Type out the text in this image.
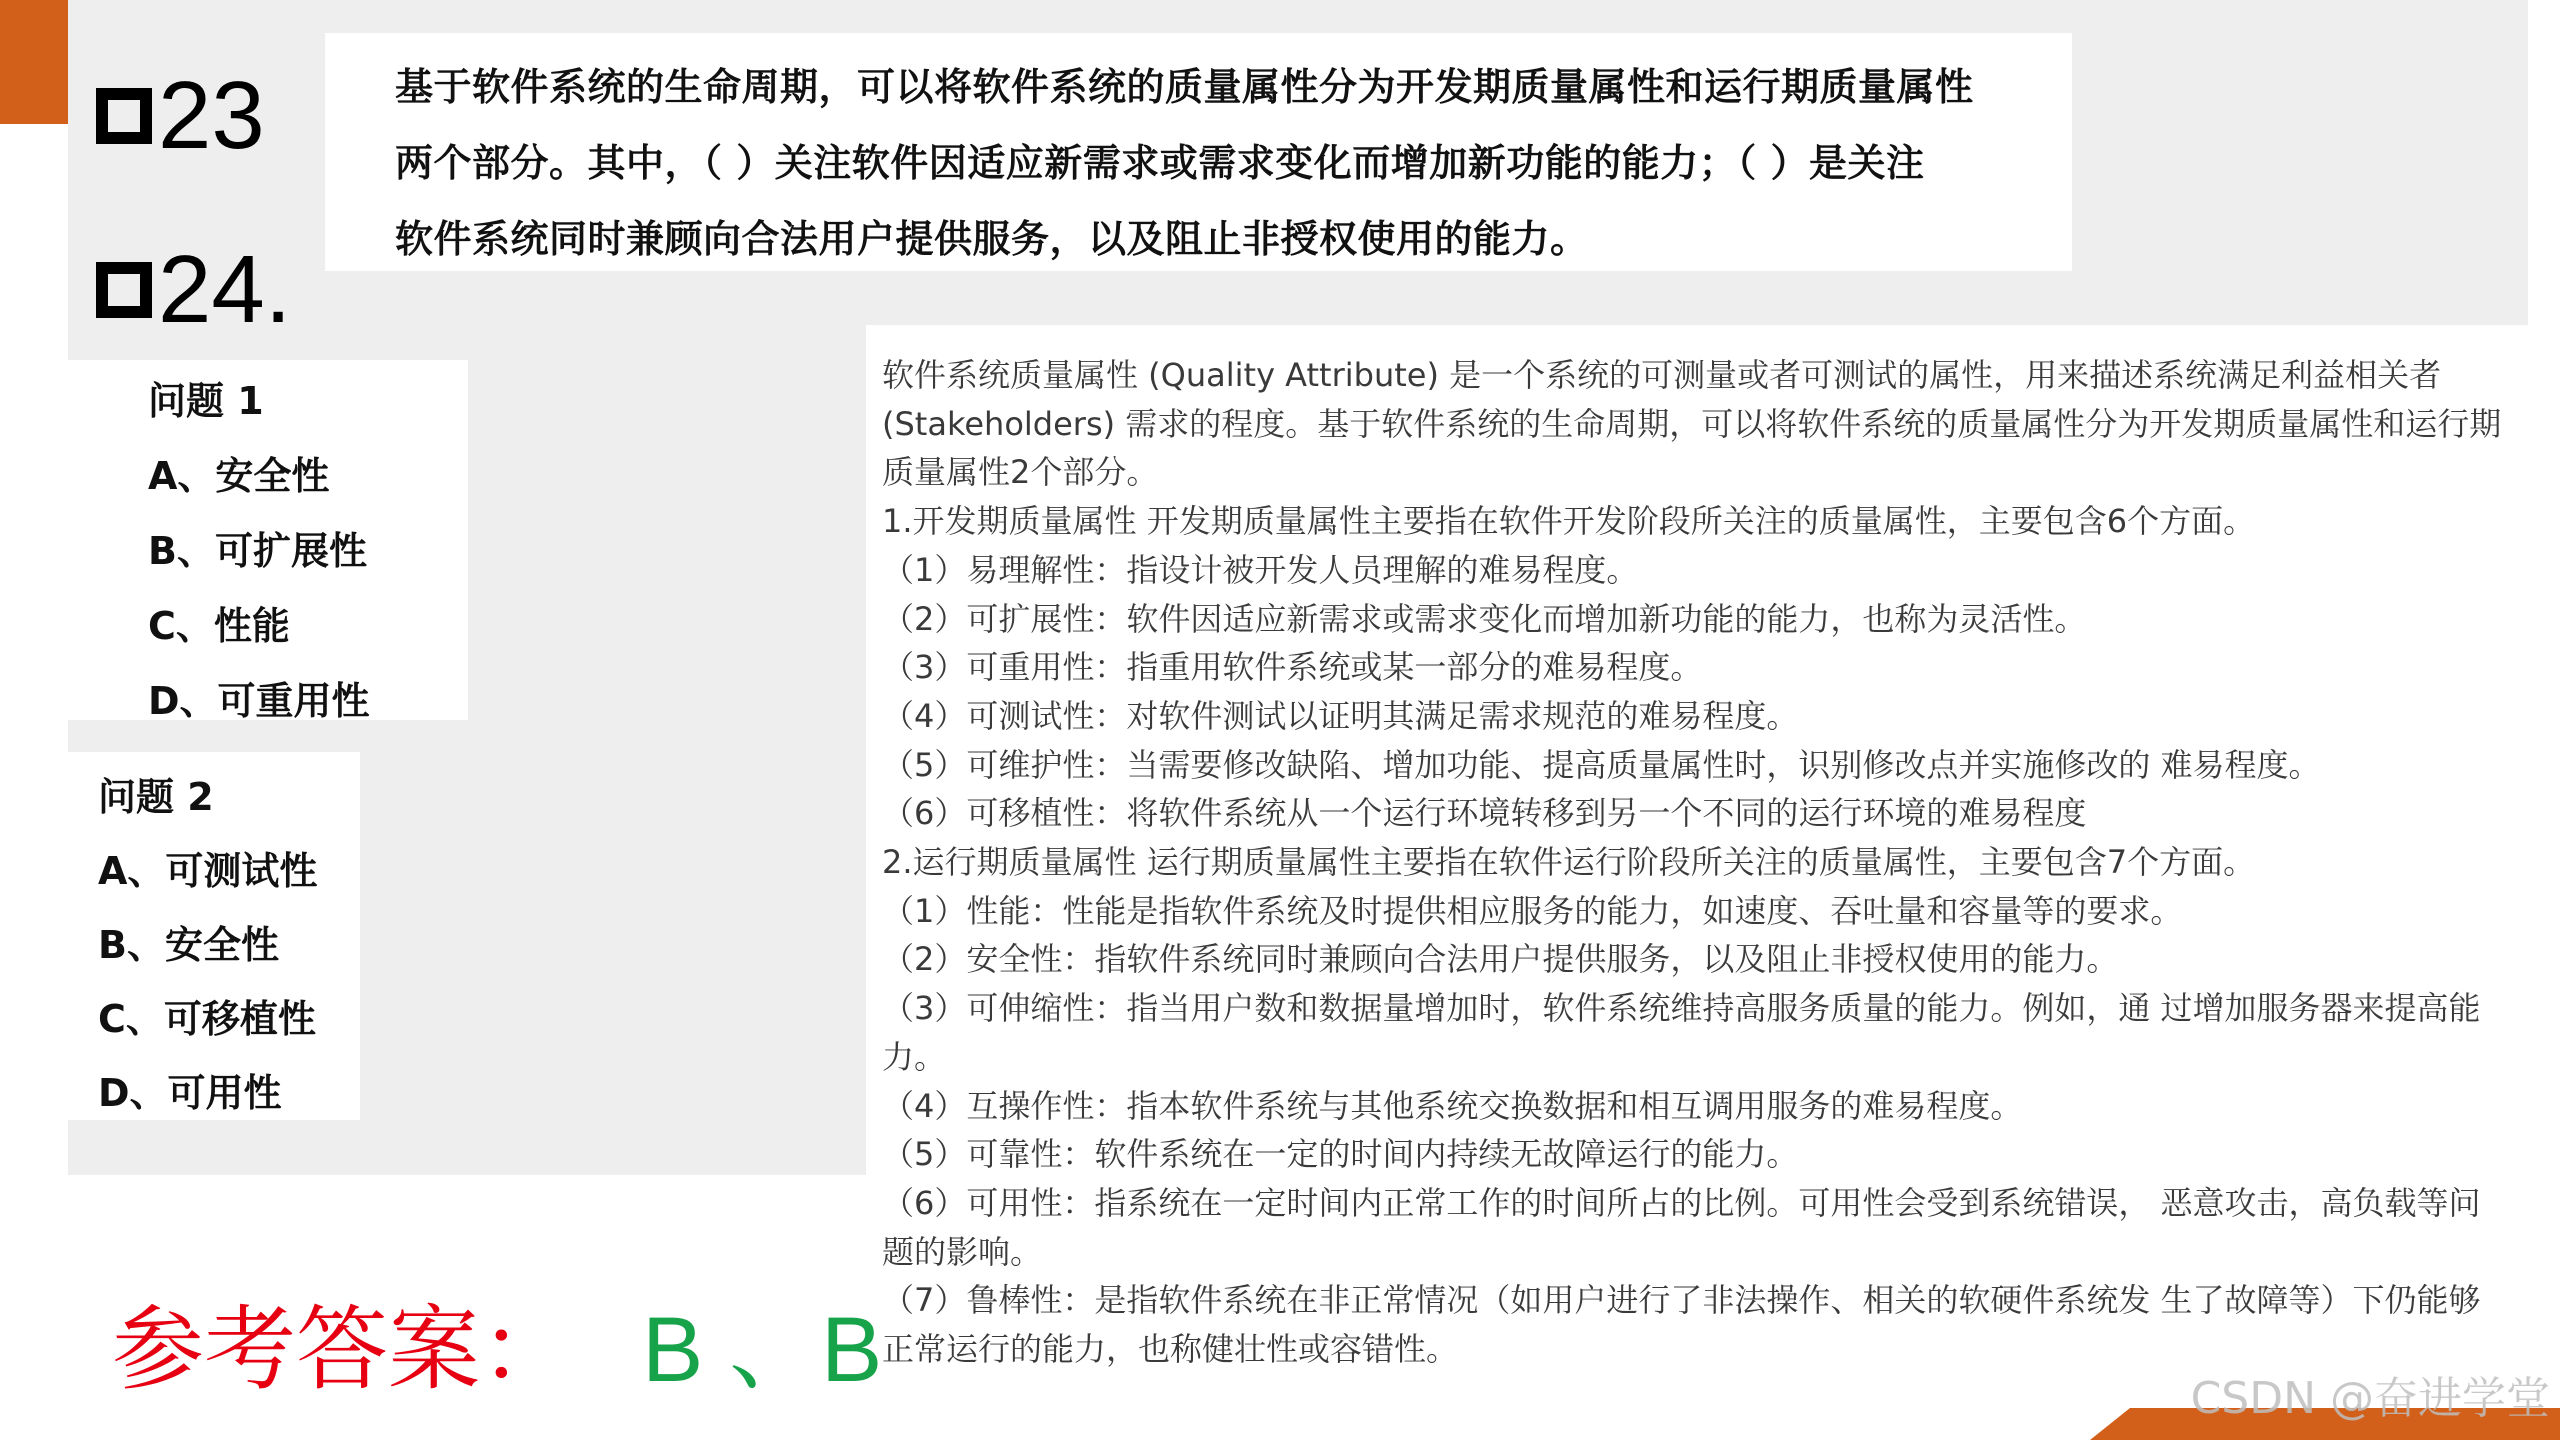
23
24.

基于软件系统的生命周期，可以将软件系统的质量属性分为开发期质量属性和运行期质量属性

两个部分。其中，（ ）关注软件因适应新需求或需求变化而增加新功能的能力；（ ）是关注

软件系统同时兼顾向合法用户提供服务，以及阻止非授权使用的能力。

问题 1
A、安全性
B、可扩展性
C、性能
D、可重用性
问题 2
A、可测试性
B、安全性
C、可移植性
D、可用性
软件系统质量属性 (Quality Attribute) 是一个系统的可测量或者可测试的属性，用来描述系统满足利益相关者
(Stakeholders) 需求的程度。基于软件系统的生命周期，可以将软件系统的质量属性分为开发期质量属性和运行期
质量属性2个部分。
1.开发期质量属性 开发期质量属性主要指在软件开发阶段所关注的质量属性，主要包含6个方面。
（1）易理解性：指设计被开发人员理解的难易程度。
（2）可扩展性：软件因适应新需求或需求变化而增加新功能的能力，也称为灵活性。
（3）可重用性：指重用软件系统或某一部分的难易程度。
（4）可测试性：对软件测试以证明其满足需求规范的难易程度。
（5）可维护性：当需要修改缺陷、增加功能、提高质量属性时，识别修改点并实施修改的 难易程度。
（6）可移植性：将软件系统从一个运行环境转移到另一个不同的运行环境的难易程度
2.运行期质量属性 运行期质量属性主要指在软件运行阶段所关注的质量属性，主要包含7个方面。
（1）性能：性能是指软件系统及时提供相应服务的能力，如速度、吞吐量和容量等的要求。
（2）安全性：指软件系统同时兼顾向合法用户提供服务，以及阻止非授权使用的能力。
（3）可伸缩性：指当用户数和数据量增加时，软件系统维持高服务质量的能力。例如，通 过增加服务器来提高能
力。
（4）互操作性：指本软件系统与其他系统交换数据和相互调用服务的难易程度。
（5）可靠性：软件系统在一定的时间内持续无故障运行的能力。
（6）可用性：指系统在一定时间内正常工作的时间所占的比例。可用性会受到系统错误， 恶意攻击，高负载等问
题的影响。
（7）鲁棒性：是指软件系统在非正常情况（如用户进行了非法操作、相关的软硬件系统发 生了故障等）下仍能够
正常运行的能力，也称健壮性或容错性。
参考答案： B 、B	CSDN @奋进学堂
